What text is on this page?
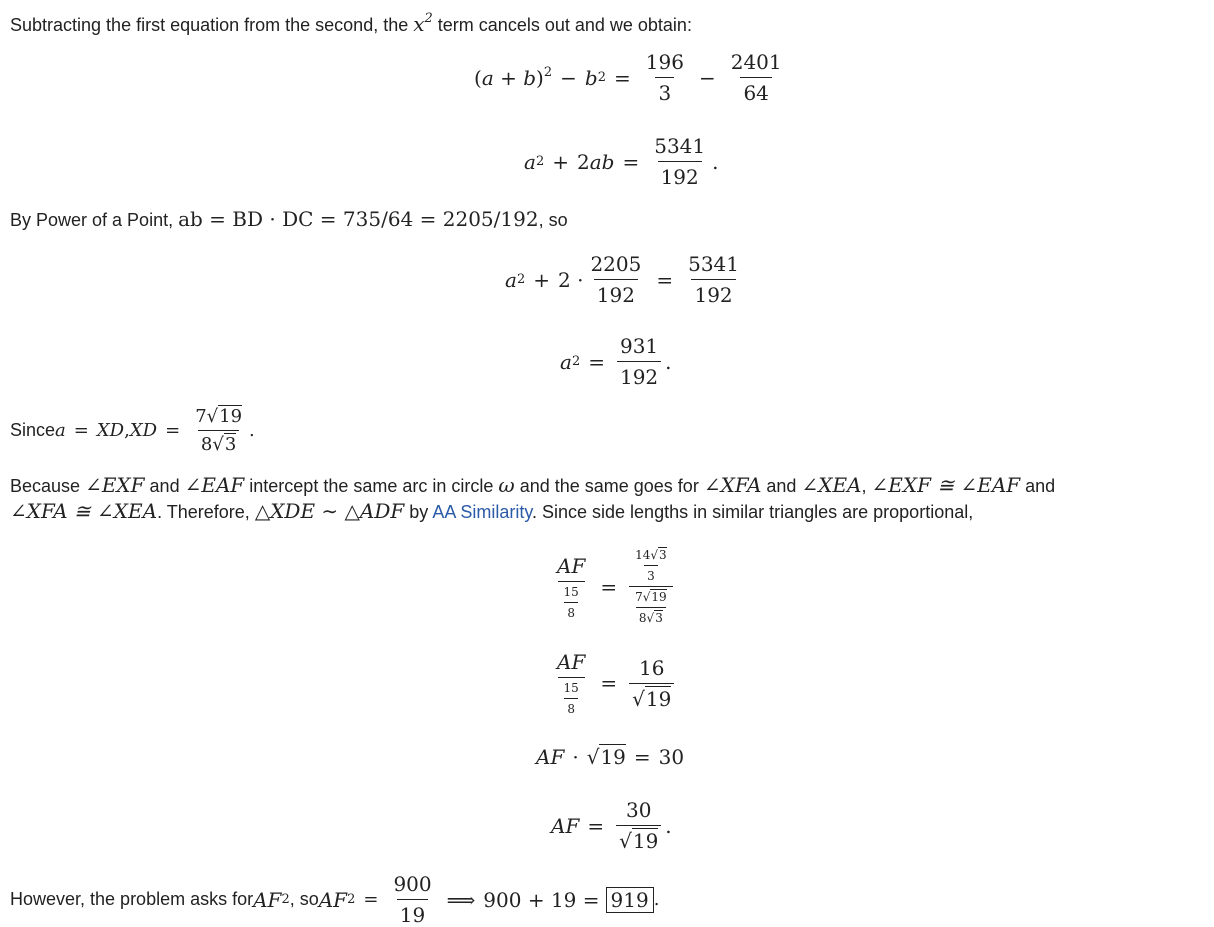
Subtracting the first equation from the second, the $x^2$ term cancels out and we obtain:
$(a + b)^2 - b$ $2 = \frac{196}{3} - \frac{2401}{64}$
a 2 + 2 ab = $\frac{5341}{192}$ .
By Power of a Point, ab = BD · DC = 735/64 = 2205/192, so
a $2 + 2 \cdot \frac{2205}{192} = \frac{5341}{192}$
a $2 = \frac{931}{192}$ .
Since a = XD , XD = $\frac{7√19}{8√3}$ .
Because ∠EXF and ∠EAF intercept the same arc in circle ω and the same goes for ∠XFA and ∠XEA, ∠EXF ≅ ∠EAF and
∠XFA ≅ ∠XEA. Therefore, △XDE ∼ △ADF by AA Similarity. Since side lengths in similar triangles are proportional,
$\frac{AF}{\frac{15}{8}} = \frac{\frac{14√3}{3}}{\frac{7√19}{8√3}}$
$\frac{AF}{\frac{15}{8}} = \frac{16}{√19}$
AF · √ 19 = 30
AF = $\frac{30}{√19}$ .
However, the problem asks for AF 2 , so AF $2 = \frac{900}{19}$ ⟹ 900 + 19 = 919 .
